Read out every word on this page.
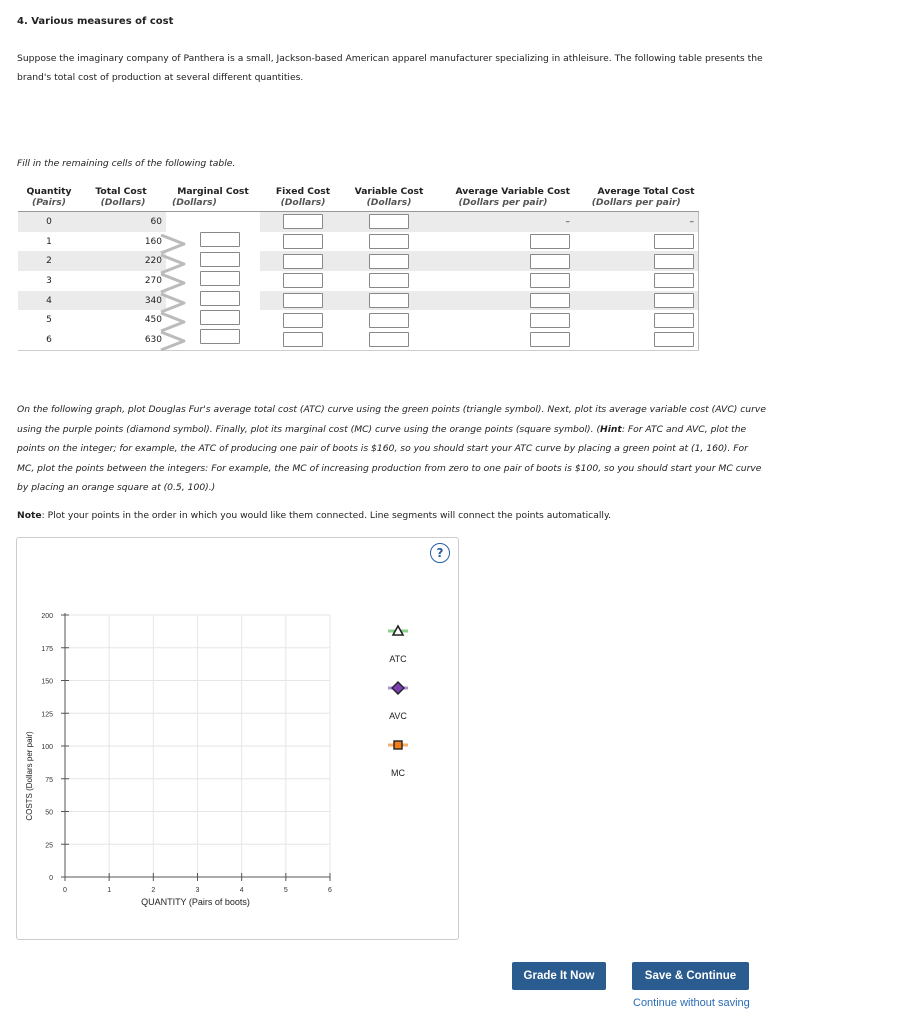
4. Various measures of cost
Suppose the imaginary company of Panthera is a small, Jackson-based American apparel manufacturer specializing in athleisure. The following table presents the brand's total cost of production at several different quantities.
Fill in the remaining cells of the following table.
Quantity	Total Cost	Marginal Cost	Fixed Cost	Variable Cost	Average Variable Cost	Average Total Cost
(Pairs)	(Dollars)	(Dollars)	(Dollars)	(Dollars)	(Dollars per pair)	(Dollars per pair)
0	60				–	–
1	160					
2	220					
3	270					
4	340					
5	450					
6	630					
On the following graph, plot Douglas Fur's average total cost (ATC) curve using the green points (triangle symbol). Next, plot its average variable cost (AVC) curve using the purple points (diamond symbol). Finally, plot its marginal cost (MC) curve using the orange points (square symbol). (Hint: For ATC and AVC, plot the points on the integer; for example, the ATC of producing one pair of boots is $160, so you should start your ATC curve by placing a green point at (1, 160). For MC, plot the points between the integers: For example, the MC of increasing production from zero to one pair of boots is $100, so you should start your MC curve by placing an orange square at (0.5, 100).)
Note: Plot your points in the order in which you would like them connected. Line segments will connect the points automatically.
?
0
25
50
75
100
125
150
175
200
0	1	2	3	4	5	6
QUANTITY (Pairs of boots)
COSTS (Dollars per pair)
ATC
AVC
MC
Grade It Now	Save & Continue
Continue without saving
